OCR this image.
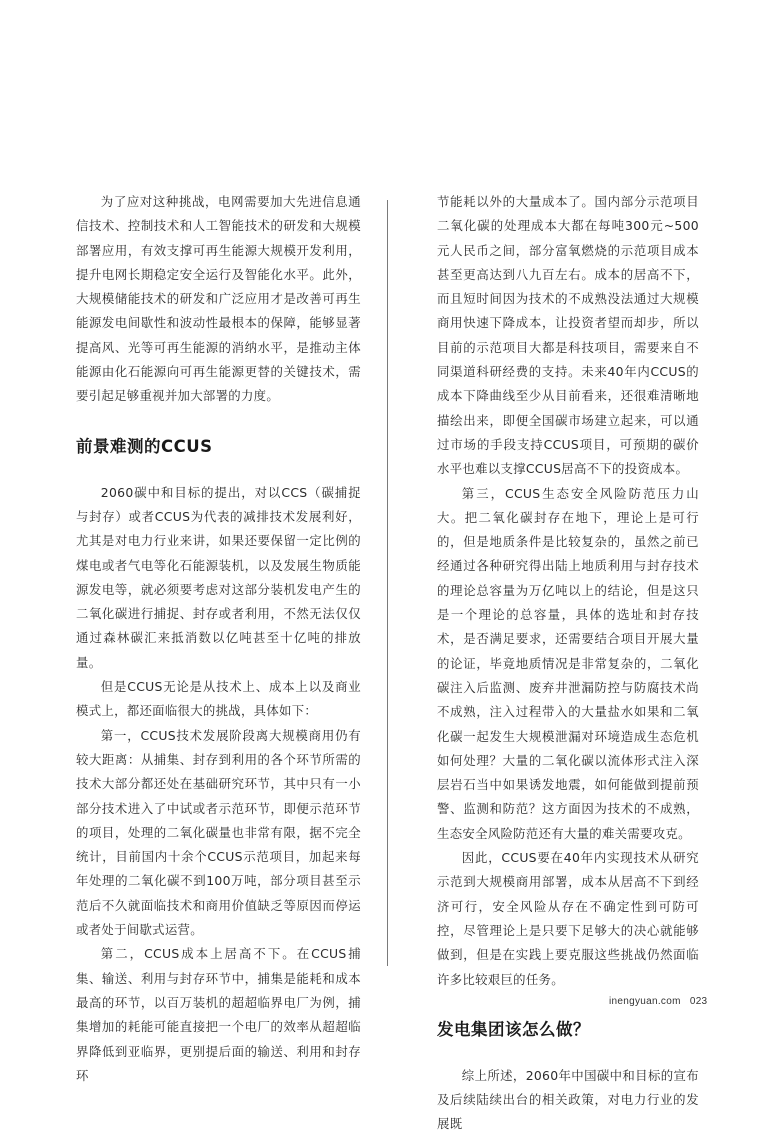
为了应对这种挑战，电网需要加大先进信息通信技术、控制技术和人工智能技术的研发和大规模部署应用，有效支撑可再生能源大规模开发利用，提升电网长期稳定安全运行及智能化水平。此外，大规模储能技术的研发和广泛应用才是改善可再生能源发电间歇性和波动性最根本的保障，能够显著提高风、光等可再生能源的消纳水平，是推动主体能源由化石能源向可再生能源更替的关键技术，需要引起足够重视并加大部署的力度。

前景难测的CCUS

2060碳中和目标的提出，对以CCS（碳捕捉与封存）或者CCUS为代表的减排技术发展利好，尤其是对电力行业来讲，如果还要保留一定比例的煤电或者气电等化石能源装机，以及发展生物质能源发电等，就必须要考虑对这部分装机发电产生的二氧化碳进行捕捉、封存或者利用，不然无法仅仅通过森林碳汇来抵消数以亿吨甚至十亿吨的排放量。

但是CCUS无论是从技术上、成本上以及商业模式上，都还面临很大的挑战，具体如下：

第一，CCUS技术发展阶段离大规模商用仍有较大距离：从捕集、封存到利用的各个环节所需的技术大部分都还处在基础研究环节，其中只有一小部分技术进入了中试或者示范环节，即便示范环节的项目，处理的二氧化碳量也非常有限，据不完全统计，目前国内十余个CCUS示范项目，加起来每年处理的二氧化碳不到100万吨，部分项目甚至示范后不久就面临技术和商用价值缺乏等原因而停运或者处于间歇式运营。

第二，CCUS成本上居高不下。在CCUS捕集、输送、利用与封存环节中，捕集是能耗和成本最高的环节，以百万装机的超超临界电厂为例，捕集增加的耗能可能直接把一个电厂的效率从超超临界降低到亚临界，更别提后面的输送、利用和封存环

节能耗以外的大量成本了。国内部分示范项目二氧化碳的处理成本大都在每吨300元~500元人民币之间，部分富氧燃烧的示范项目成本甚至更高达到八九百左右。成本的居高不下，而且短时间因为技术的不成熟没法通过大规模商用快速下降成本，让投资者望而却步，所以目前的示范项目大都是科技项目，需要来自不同渠道科研经费的支持。未来40年内CCUS的成本下降曲线至少从目前看来，还很难清晰地描绘出来，即便全国碳市场建立起来，可以通过市场的手段支持CCUS项目，可预期的碳价水平也难以支撑CCUS居高不下的投资成本。

第三，CCUS生态安全风险防范压力山大。把二氧化碳封存在地下，理论上是可行的，但是地质条件是比较复杂的，虽然之前已经通过各种研究得出陆上地质利用与封存技术的理论总容量为万亿吨以上的结论，但是这只是一个理论的总容量，具体的选址和封存技术，是否满足要求，还需要结合项目开展大量的论证，毕竟地质情况是非常复杂的，二氧化碳注入后监测、废弃井泄漏防控与防腐技术尚不成熟，注入过程带入的大量盐水如果和二氧化碳一起发生大规模泄漏对环境造成生态危机如何处理？大量的二氧化碳以流体形式注入深层岩石当中如果诱发地震，如何能做到提前预警、监测和防范？这方面因为技术的不成熟，生态安全风险防范还有大量的难关需要攻克。

因此，CCUS要在40年内实现技术从研究示范到大规模商用部署，成本从居高不下到经济可行，安全风险从存在不确定性到可防可控，尽管理论上是只要下足够大的决心就能够做到，但是在实践上要克服这些挑战仍然面临许多比较艰巨的任务。

发电集团该怎么做？

综上所述，2060年中国碳中和目标的宣布及后续陆续出台的相关政策，对电力行业的发展既

inengyuan.com 023
